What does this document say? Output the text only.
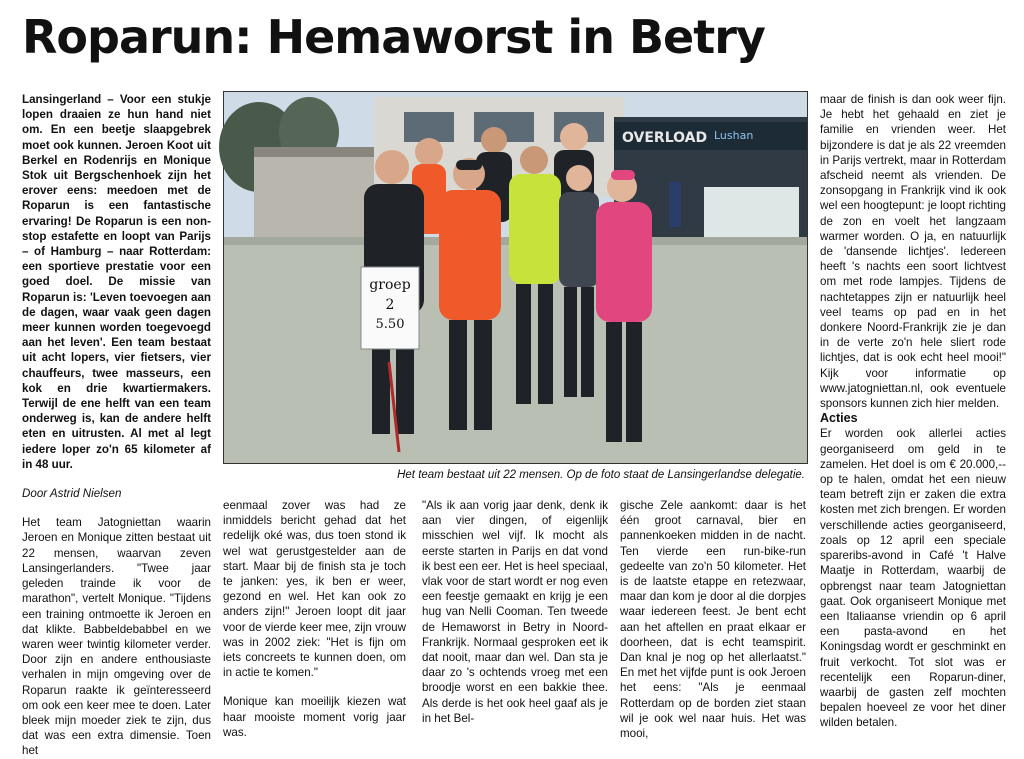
Roparun: Hemaworst in Betry

Lansingerland – Voor een stukje lopen draaien ze hun hand niet om. En een beetje slaapgebrek moet ook kunnen. Jeroen Koot uit Berkel en Rodenrijs en Monique Stok uit Bergschenhoek zijn het erover eens: meedoen met de Roparun is een fantastische ervaring! De Roparun is een non-stop estafette en loopt van Parijs – of Hamburg – naar Rotterdam: een sportieve prestatie voor een goed doel. De missie van Roparun is: 'Leven toevoegen aan de dagen, waar vaak geen dagen meer kunnen worden toegevoegd aan het leven'. Een team bestaat uit acht lopers, vier fietsers, vier chauffeurs, twee masseurs, een kok en drie kwartiermakers. Terwijl de ene helft van een team onderweg is, kan de andere helft eten en uitrusten. Al met al legt iedere loper zo'n 65 kilometer af in 48 uur.

Door Astrid Nielsen

Het team Jatogniettan waarin Jeroen en Monique zitten bestaat uit 22 mensen, waarvan zeven Lansingerlanders. "Twee jaar geleden trainde ik voor de marathon", vertelt Monique. "Tijdens een training ontmoette ik Jeroen en dat klikte. Babbeldebabbel en we waren weer twintig kilometer verder. Door zijn en andere enthousiaste verhalen in mijn omgeving over de Roparun raakte ik geïnteresseerd om ook een keer mee te doen. Later bleek mijn moeder ziek te zijn, dus dat was een extra dimensie. Toen het

OVERLOAD Lushan
groep
2
5.50
Het team bestaat uit 22 mensen. Op de foto staat de Lansingerlandse delegatie.

eenmaal zover was had ze inmiddels bericht gehad dat het redelijk oké was, dus toen stond ik wel wat gerustgestelder aan de start. Maar bij de finish sta je toch te janken: yes, ik ben er weer, gezond en wel. Het kan ook zo anders zijn!" Jeroen loopt dit jaar voor de vierde keer mee, zijn vrouw was in 2002 ziek: "Het is fijn om iets concreets te kunnen doen, om in actie te komen."

Monique kan moeilijk kiezen wat haar mooiste moment vorig jaar was.

"Als ik aan vorig jaar denk, denk ik aan vier dingen, of eigenlijk misschien wel vijf. Ik mocht als eerste starten in Parijs en dat vond ik best een eer. Het is heel speciaal, vlak voor de start wordt er nog even een feestje gemaakt en krijg je een hug van Nelli Cooman. Ten tweede de Hemaworst in Betry in Noord-Frankrijk. Normaal gesproken eet ik dat nooit, maar dan wel. Dan sta je daar zo 's ochtends vroeg met een broodje worst en een bakkie thee. Als derde is het ook heel gaaf als je in het Bel-

gische Zele aankomt: daar is het één groot carnaval, bier en pannenkoeken midden in de nacht. Ten vierde een run-bike-run gedeelte van zo'n 50 kilometer. Het is de laatste etappe en retezwaar, maar dan kom je door al die dorpjes waar iedereen feest. Je bent echt aan het aftellen en praat elkaar er doorheen, dat is echt teamspirit. Dan knal je nog op het allerlaatst." En met het vijfde punt is ook Jeroen het eens: "Als je eenmaal Rotterdam op de borden ziet staan wil je ook wel naar huis. Het was mooi,

maar de finish is dan ook weer fijn. Je hebt het gehaald en ziet je familie en vrienden weer. Het bijzondere is dat je als 22 vreemden in Parijs vertrekt, maar in Rotterdam afscheid neemt als vrienden. De zonsopgang in Frankrijk vind ik ook wel een hoogtepunt: je loopt richting de zon en voelt het langzaam warmer worden. O ja, en natuurlijk de 'dansende lichtjes'. Iedereen heeft 's nachts een soort lichtvest om met rode lampjes. Tijdens de nachtetappes zijn er natuurlijk heel veel teams op pad en in het donkere Noord-Frankrijk zie je dan in de verte zo'n hele sliert rode lichtjes, dat is ook echt heel mooi!" Kijk voor informatie op www.jatogniettan.nl, ook eventuele sponsors kunnen zich hier melden.

Acties

Er worden ook allerlei acties georganiseerd om geld in te zamelen. Het doel is om € 20.000,-- op te halen, omdat het een nieuw team betreft zijn er zaken die extra kosten met zich brengen. Er worden verschillende acties georganiseerd, zoals op 12 april een speciale spareribs-avond in Café 't Halve Maatje in Rotterdam, waarbij de opbrengst naar team Jatogniettan gaat. Ook organiseert Monique met een Italiaanse vriendin op 6 april een pasta-avond en het Koningsdag wordt er geschminkt en fruit verkocht. Tot slot was er recentelijk een Roparun-diner, waarbij de gasten zelf mochten bepalen hoeveel ze voor het diner wilden betalen.
